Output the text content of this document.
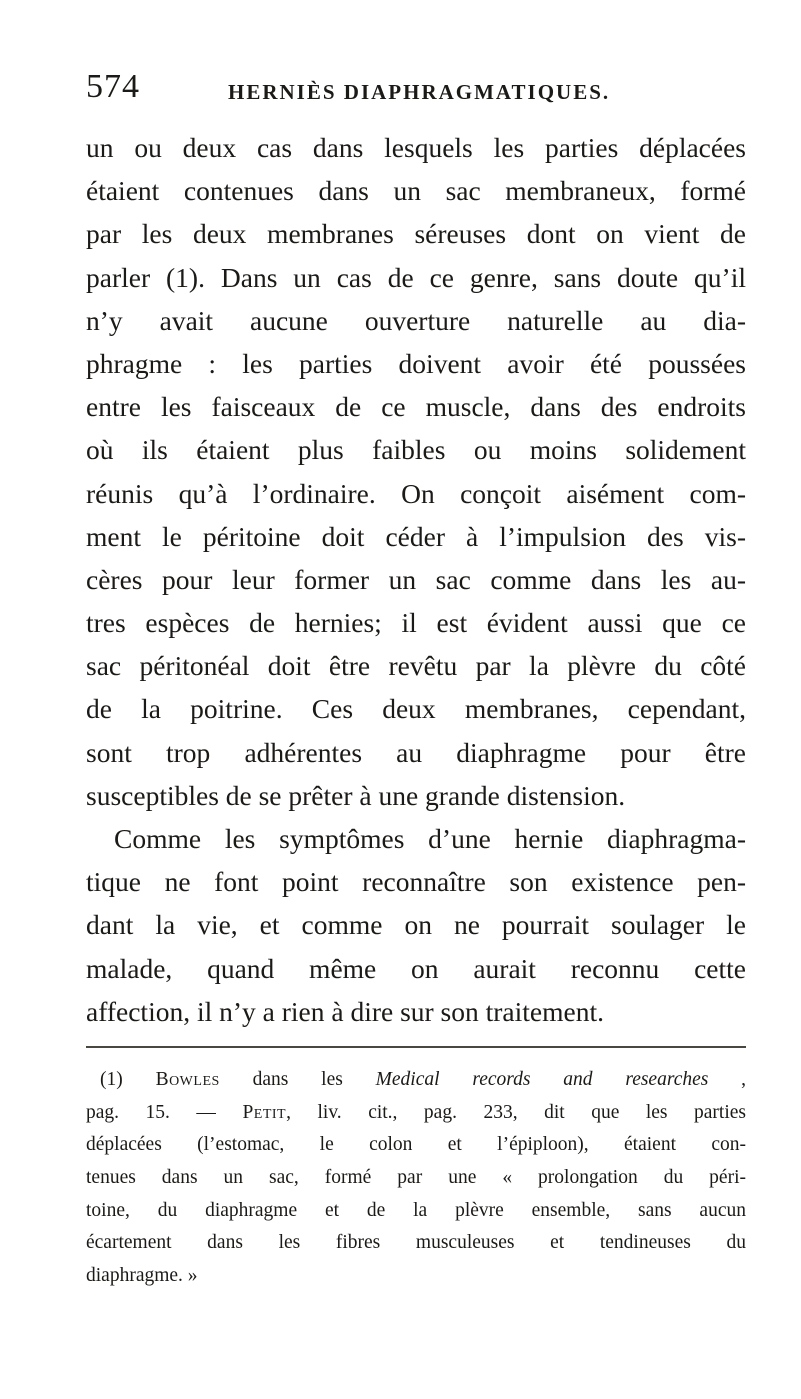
574	HERNIÈS DIAPHRAGMATIQUES.
un ou deux cas dans lesquels les parties déplacées
étaient contenues dans un sac membraneux, formé
par les deux membranes séreuses dont on vient de
parler (1). Dans un cas de ce genre, sans doute qu’il
n’y avait aucune ouverture naturelle au dia-
phragme : les parties doivent avoir été poussées
entre les faisceaux de ce muscle, dans des endroits
où ils étaient plus faibles ou moins solidement
réunis qu’à l’ordinaire. On conçoit aisément com-
ment le péritoine doit céder à l’impulsion des vis-
cères pour leur former un sac comme dans les au-
tres espèces de hernies; il est évident aussi que ce
sac péritonéal doit être revêtu par la plèvre du côté
de la poitrine. Ces deux membranes, cependant,
sont trop adhérentes au diaphragme pour être
susceptibles de se prêter à une grande distension.
Comme les symptômes d’une hernie diaphragma-
tique ne font point reconnaître son existence pen-
dant la vie, et comme on ne pourrait soulager le
malade, quand même on aurait reconnu cette
affection, il n’y a rien à dire sur son traitement.
(1) Bowles dans les Medical records and researches ,
pag. 15. — Petit, liv. cit., pag. 233, dit que les parties
déplacées (l’estomac, le colon et l’épiploon), étaient con-
tenues dans un sac, formé par une « prolongation du péri-
toine, du diaphragme et de la plèvre ensemble, sans aucun
écartement dans les fibres musculeuses et tendineuses du
diaphragme. »
